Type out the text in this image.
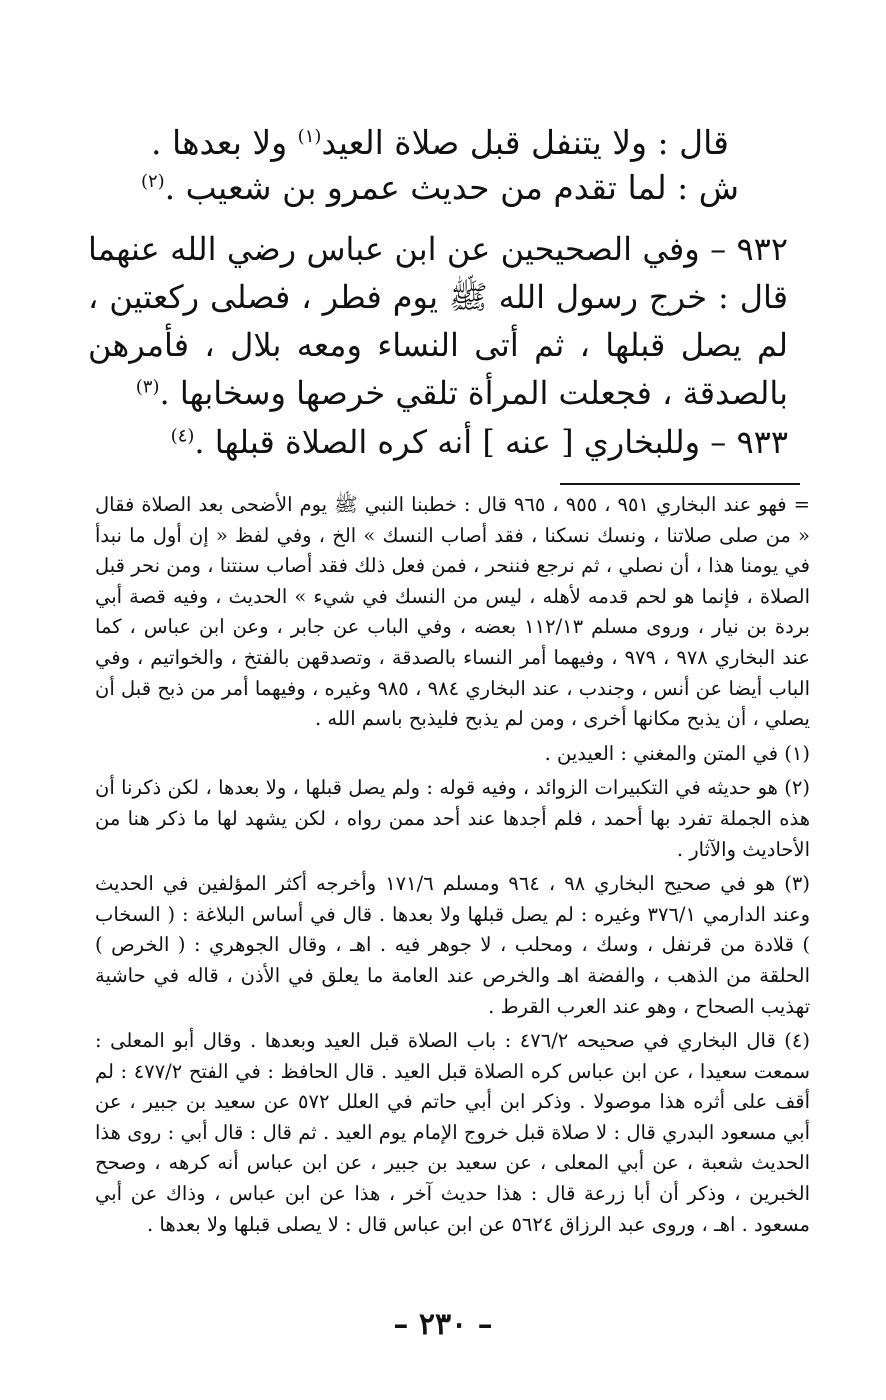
قال : ولا يتنفل قبل صلاة العيد$^{(١)}$ ولا بعدها .
ش : لما تقدم من حديث عمرو بن شعيب .$^{(٢)}$
٩٣٢ – وفي الصحيحين عن ابن عباس رضي الله عنهما قال : خرج رسول الله ﷺ يوم فطر ، فصلى ركعتين ، لم يصل قبلها ، ثم أتى النساء ومعه بلال ، فأمرهن بالصدقة ، فجعلت المرأة تلقي خرصها وسخابها .$^{(٣)}$
٩٣٣ – وللبخاري [ عنه ] أنه كره الصلاة قبلها .$^{(٤)}$

= فهو عند البخاري ٩٥١ ، ٩٥٥ ، ٩٦٥ قال : خطبنا النبي ﷺ يوم الأضحى بعد الصلاة فقال « من صلى صلاتنا ، ونسك نسكنا ، فقد أصاب النسك » الخ ، وفي لفظ « إن أول ما نبدأ في يومنا هذا ، أن نصلي ، ثم نرجع فننحر ، فمن فعل ذلك فقد أصاب سنتنا ، ومن نحر قبل الصلاة ، فإنما هو لحم قدمه لأهله ، ليس من النسك في شيء » الحديث ، وفيه قصة أبي بردة بن نيار ، وروى مسلم ١١٢/١٣ بعضه ، وفي الباب عن جابر ، وعن ابن عباس ، كما عند البخاري ٩٧٨ ، ٩٧٩ ، وفيهما أمر النساء بالصدقة ، وتصدقهن بالفتخ ، والخواتيم ، وفي الباب أيضا عن أنس ، وجندب ، عند البخاري ٩٨٤ ، ٩٨٥ وغيره ، وفيهما أمر من ذبح قبل أن يصلي ، أن يذبح مكانها أخرى ، ومن لم يذبح فليذبح باسم الله .

(١) في المتن والمغني : العيدين .

(٢) هو حديثه في التكبيرات الزوائد ، وفيه قوله : ولم يصل قبلها ، ولا بعدها ، لكن ذكرنا أن هذه الجملة تفرد بها أحمد ، فلم أجدها عند أحد ممن رواه ، لكن يشهد لها ما ذكر هنا من الأحاديث والآثار .

(٣) هو في صحيح البخاري ٩٨ ، ٩٦٤ ومسلم ١٧١/٦ وأخرجه أكثر المؤلفين في الحديث وعند الدارمي ٣٧٦/١ وغيره : لم يصل قبلها ولا بعدها . قال في أساس البلاغة : ( السخاب ) قلادة من قرنفل ، وسك ، ومحلب ، لا جوهر فيه . اهـ ، وقال الجوهري : ( الخرص ) الحلقة من الذهب ، والفضة اهـ والخرص عند العامة ما يعلق في الأذن ، قاله في حاشية تهذيب الصحاح ، وهو عند العرب القرط .

(٤) قال البخاري في صحيحه ٤٧٦/٢ : باب الصلاة قبل العيد وبعدها . وقال أبو المعلى : سمعت سعيدا ، عن ابن عباس كره الصلاة قبل العيد . قال الحافظ : في الفتح ٤٧٧/٢ : لم أقف على أثره هذا موصولا . وذكر ابن أبي حاتم في العلل ٥٧٢ عن سعيد بن جبير ، عن أبي مسعود البدري قال : لا صلاة قبل خروج الإمام يوم العيد . ثم قال : قال أبي : روى هذا الحديث شعبة ، عن أبي المعلى ، عن سعيد بن جبير ، عن ابن عباس أنه كرهه ، وصحح الخبرين ، وذكر أن أبا زرعة قال : هذا حديث آخر ، هذا عن ابن عباس ، وذاك عن أبي مسعود . اهـ ، وروى عبد الرزاق ٥٦٢٤ عن ابن عباس قال : لا يصلى قبلها ولا بعدها .

– ٢٣٠ –
